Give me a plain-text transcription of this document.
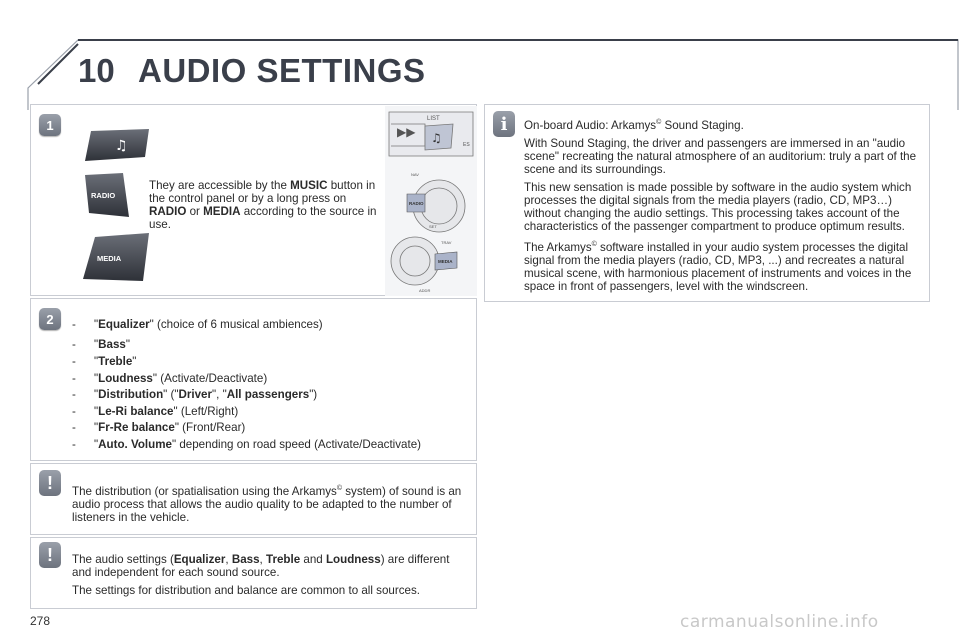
10 AUDIO SETTINGS
1
♫
RADIO
MEDIA
They are accessible by the MUSIC button in the control panel or by a long press on RADIO or MEDIA according to the source in use.
▶▶ ♫
LIST
ES
NAV
RADIO
SET
TRAV
MEDIA
ADDR
2	- "Equalizer" (choice of 6 musical ambiences)
- "Bass"
- "Treble"
- "Loudness" (Activate/Deactivate)
- "Distribution" ("Driver", "All passengers")
- "Le-Ri balance" (Left/Right)
- "Fr-Re balance" (Front/Rear)
- "Auto. Volume" depending on road speed (Activate/Deactivate)
!	The distribution (or spatialisation using the Arkamys© system) of sound is an audio process that allows the audio quality to be adapted to the number of listeners in the vehicle.
!	The audio settings (Equalizer, Bass, Treble and Loudness) are different and independent for each sound source.

The settings for distribution and balance are common to all sources.

i	On-board Audio: Arkamys© Sound Staging.

With Sound Staging, the driver and passengers are immersed in an "audio scene" recreating the natural atmosphere of an auditorium: truly a part of the scene and its surroundings.

This new sensation is made possible by software in the audio system which processes the digital signals from the media players (radio, CD, MP3…) without changing the audio settings. This processing takes account of the characteristics of the passenger compartment to produce optimum results.

The Arkamys© software installed in your audio system processes the digital signal from the media players (radio, CD, MP3, ...) and recreates a natural musical scene, with harmonious placement of instruments and voices in the space in front of passengers, level with the windscreen.

278	carmanualsonline.info
